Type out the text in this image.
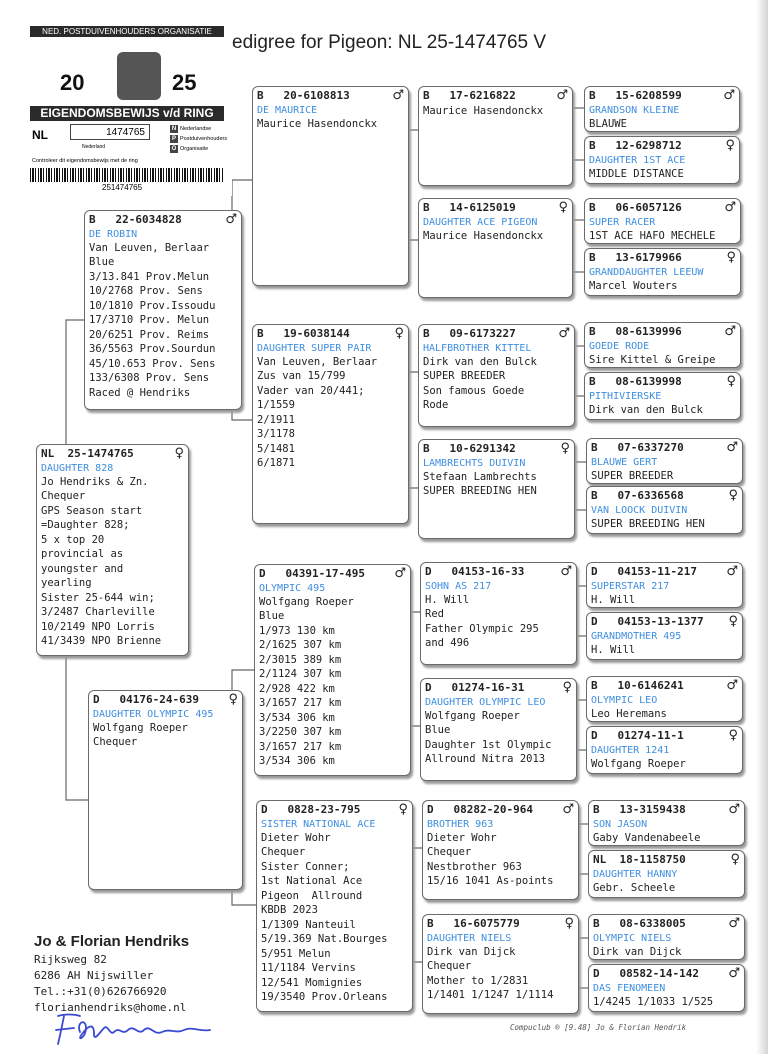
NED. POSTDUIVENHOUDERS ORGANISATIE
20	25
EIGENDOMSBEWIJS v/d RING
NL	1474765
Nederland
N Nederlandse
P Postduivenhouders
O Organisatie
Controleer dit eigendomsbewijs met de ring
251474765
edigree for Pigeon: NL 25-1474765 V
NL  25-1474765	♀
DAUGHTER 828
Jo Hendriks & Zn.
Chequer
GPS Season start
=Daughter 828;
5 x top 20
provincial as
youngster and
yearling
Sister 25-644 win;
3/2487 Charleville
10/2149 NPO Lorris
41/3439 NPO Brienne
B   22-6034828	♂
DE ROBIN
Van Leuven, Berlaar
Blue
3/13.841 Prov.Melun
10/2768 Prov. Sens
10/1810 Prov.Issoudu
17/3710 Prov. Melun
20/6251 Prov. Reims
36/5563 Prov.Sourdun
45/10.653 Prov. Sens
133/6308 Prov. Sens
Raced @ Hendriks
D   04176-24-639 ♀
DAUGHTER OLYMPIC 495
Wolfgang Roeper
Chequer
B   20-6108813	♂
DE MAURICE
Maurice Hasendonckx
B   19-6038144	♀
DAUGHTER SUPER PAIR
Van Leuven, Berlaar
Zus van 15/799
Vader van 20/441;
1/1559
2/1911
3/1178
5/1481
6/1871
D   04391-17-495 ♂
OLYMPIC 495
Wolfgang Roeper
Blue
1/973 130 km
2/1625 307 km
2/3015 389 km
2/1124 307 km
2/928 422 km
3/1657 217 km
3/534 306 km
3/2250 307 km
3/1657 217 km
3/534 306 km
D   0828-23-795	♀
SISTER NATIONAL ACE
Dieter Wohr
Chequer
Sister Conner;
1st National Ace
Pigeon  Allround
KBDB 2023
1/1309 Nanteuil
5/19.369 Nat.Bourges
5/951 Melun
11/1184 Vervins
12/541 Momignies
19/3540 Prov.Orleans
B   17-6216822	♂
Maurice Hasendonckx
B   14-6125019	♀
DAUGHTER ACE PIGEON
Maurice Hasendonckx
B   09-6173227	♂
HALFBROTHER KITTEL
Dirk van den Bulck
SUPER BREEDER
Son famous Goede
Rode
B   10-6291342	♀
LAMBRECHTS DUIVIN
Stefaan Lambrechts
SUPER BREEDING HEN
D   04153-16-33	♂
SOHN AS 217
H. Will
Red
Father Olympic 295
and 496
D   01274-16-31	♀
DAUGHTER OLYMPIC LEO
Wolfgang Roeper
Blue
Daughter 1st Olympic
Allround Nitra 2013
D   08282-20-964 ♂
BROTHER 963
Dieter Wohr
Chequer
Nestbrother 963
15/16 1041 As-points
B   16-6075779	♀
DAUGHTER NIELS
Dirk van Dijck
Chequer
Mother to 1/2831
1/1401 1/1247 1/1114
B   15-6208599	♂
GRANDSON KLEINE
BLAUWE
B   12-6298712	♀
DAUGHTER 1ST ACE
MIDDLE DISTANCE
B   06-6057126	♂
SUPER RACER
1ST ACE HAFO MECHELE
B   13-6179966	♀
GRANDDAUGHTER LEEUW
Marcel Wouters
B   08-6139996	♂
GOEDE RODE
Sire Kittel & Greipe
B   08-6139998	♀
PITHIVIERSKE
Dirk van den Bulck
B   07-6337270	♂
BLAUWE GERT
SUPER BREEDER
B   07-6336568	♀
VAN LOOCK DUIVIN
SUPER BREEDING HEN
D   04153-11-217 ♂
SUPERSTAR 217
H. Will
D   04153-13-1377 ♀
GRANDMOTHER 495
H. Will
B   10-6146241	♂
OLYMPIC LEO
Leo Heremans
D   01274-11-1	♀
DAUGHTER 1241
Wolfgang Roeper
B   13-3159438	♂
SON JASON
Gaby Vandenabeele
NL  18-1158750	♀
DAUGHTER HANNY
Gebr. Scheele
B   08-6338005	♂
OLYMPIC NIELS
Dirk van Dijck
D   08582-14-142 ♂
DAS FENOMEEN
1/4245 1/1033 1/525
Jo & Florian Hendriks
Rijksweg 82
6286 AH Nijswiller
Tel.:+31(0)626766920
florianhendriks@home.nl
Compuclub ® [9.48] Jo & Florian Hendrik
